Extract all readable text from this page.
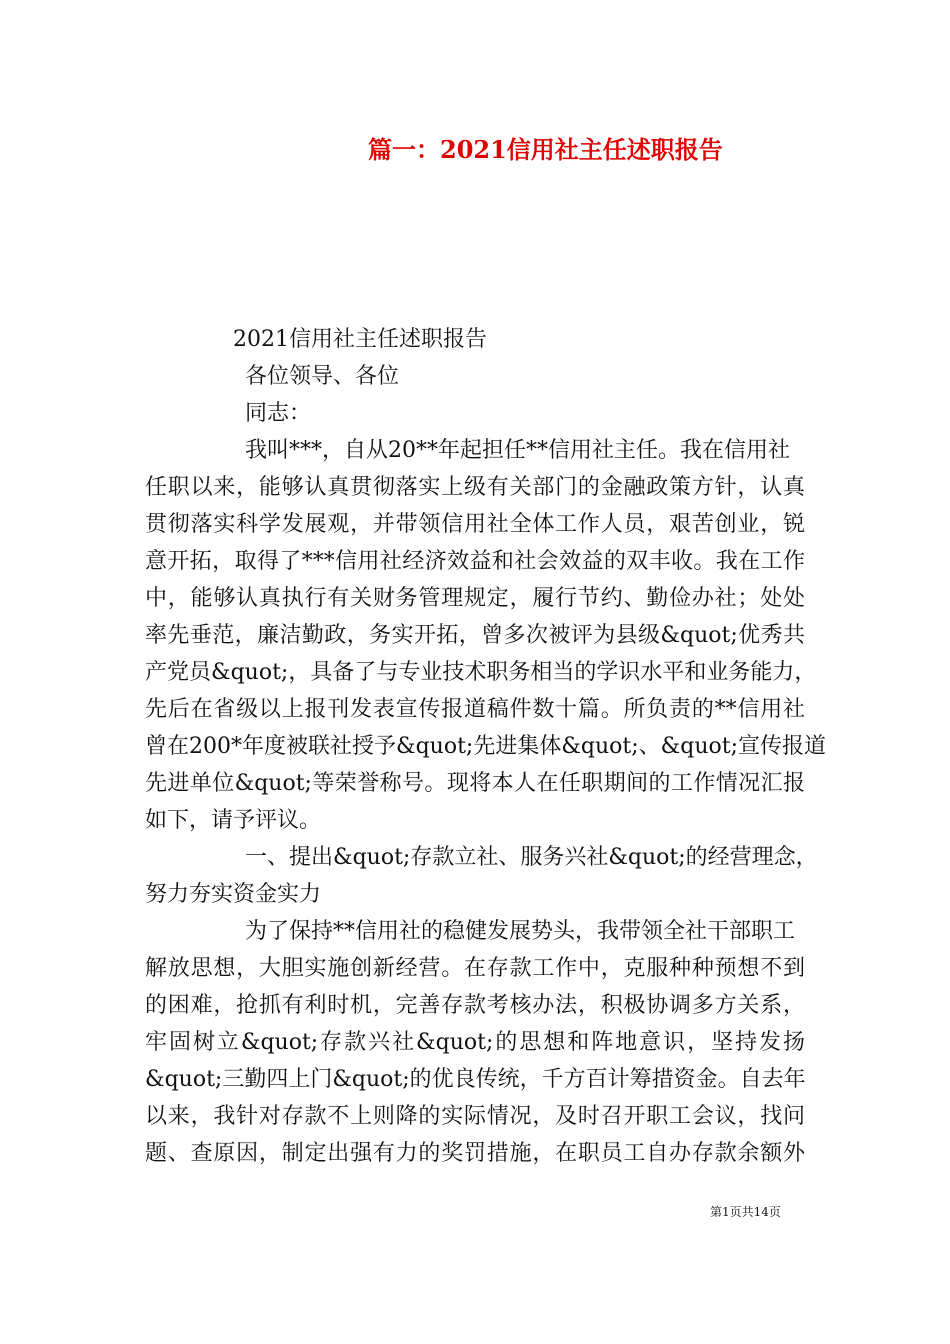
篇一：2021信用社主任述职报告

2021信用社主任述职报告

各位领导、各位

同志：

我叫***，自从20**年起担任**信用社主任。我在信用社

任职以来，能够认真贯彻落实上级有关部门的金融政策方针，认真

贯彻落实科学发展观，并带领信用社全体工作人员，艰苦创业，锐

意开拓，取得了***信用社经济效益和社会效益的双丰收。我在工作

中，能够认真执行有关财务管理规定，履行节约、勤俭办社；处处

率先垂范，廉洁勤政，务实开拓，曾多次被评为县级&quot;优秀共

产党员&quot;，具备了与专业技术职务相当的学识水平和业务能力，

先后在省级以上报刊发表宣传报道稿件数十篇。所负责的**信用社

曾在200*年度被联社授予&quot;先进集体&quot;、&quot;宣传报道

先进单位&quot;等荣誉称号。现将本人在任职期间的工作情况汇报

如下，请予评议。

一、提出&quot;存款立社、服务兴社&quot;的经营理念，

努力夯实资金实力

为了保持**信用社的稳健发展势头，我带领全社干部职工

解放思想，大胆实施创新经营。在存款工作中，克服种种预想不到

的困难，抢抓有利时机，完善存款考核办法，积极协调多方关系，

牢固树立&quot;存款兴社&quot;的思想和阵地意识，坚持发扬

&quot;三勤四上门&quot;的优良传统，千方百计筹措资金。自去年

以来，我针对存款不上则降的实际情况，及时召开职工会议，找问

题、查原因，制定出强有力的奖罚措施，在职员工自办存款余额外

第1页共14页
